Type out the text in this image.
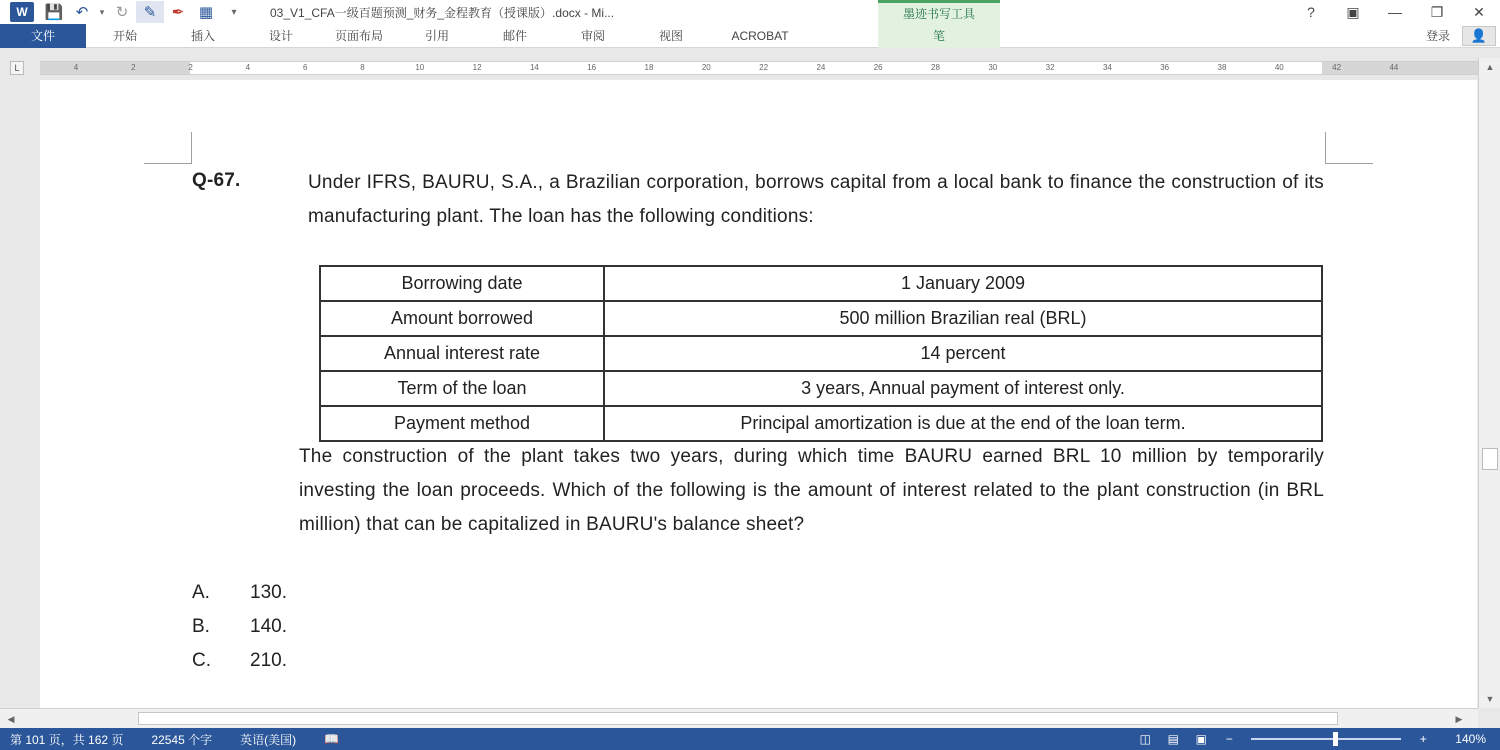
W	💾 ↶	▾ ↻	✎	✒ ▦	▾	03_V1_CFA一级百题预测_财务_金程教育（授课版）.docx - Mi...	墨迹书写工具	?	▣	—	❐	✕
文件	开始	插入	设计	页面布局	引用	邮件	审阅	视图	ACROBAT	笔	登录	👤
L	4	2	2	4	6	8	10	12	14	16	18	20	22	24	26	28	30	32	34	36	38	40	42	44
Q-67.	Under IFRS, BAURU, S.A., a Brazilian corporation, borrows capital from a local bank to finance the construction of its manufacturing plant. The loan has the following conditions:
Borrowing date	1 January 2009
Amount borrowed	500 million Brazilian real (BRL)
Annual interest rate	14 percent
Term of the loan	3 years, Annual payment of interest only.
Payment method	Principal amortization is due at the end of the loan term.
The construction of the plant takes two years, during which time BAURU earned BRL 10 million by temporarily investing the loan proceeds. Which of the following is the amount of interest related to the plant construction (in BRL million) that can be capitalized in BAURU's balance sheet?
A.	130.
B.	140.
C.	210.
▲
▼
◀	▶
第 101 页，共 162 页 22545 个字 英语(美国) 📖	◫	▤	▣	−	+	140%
